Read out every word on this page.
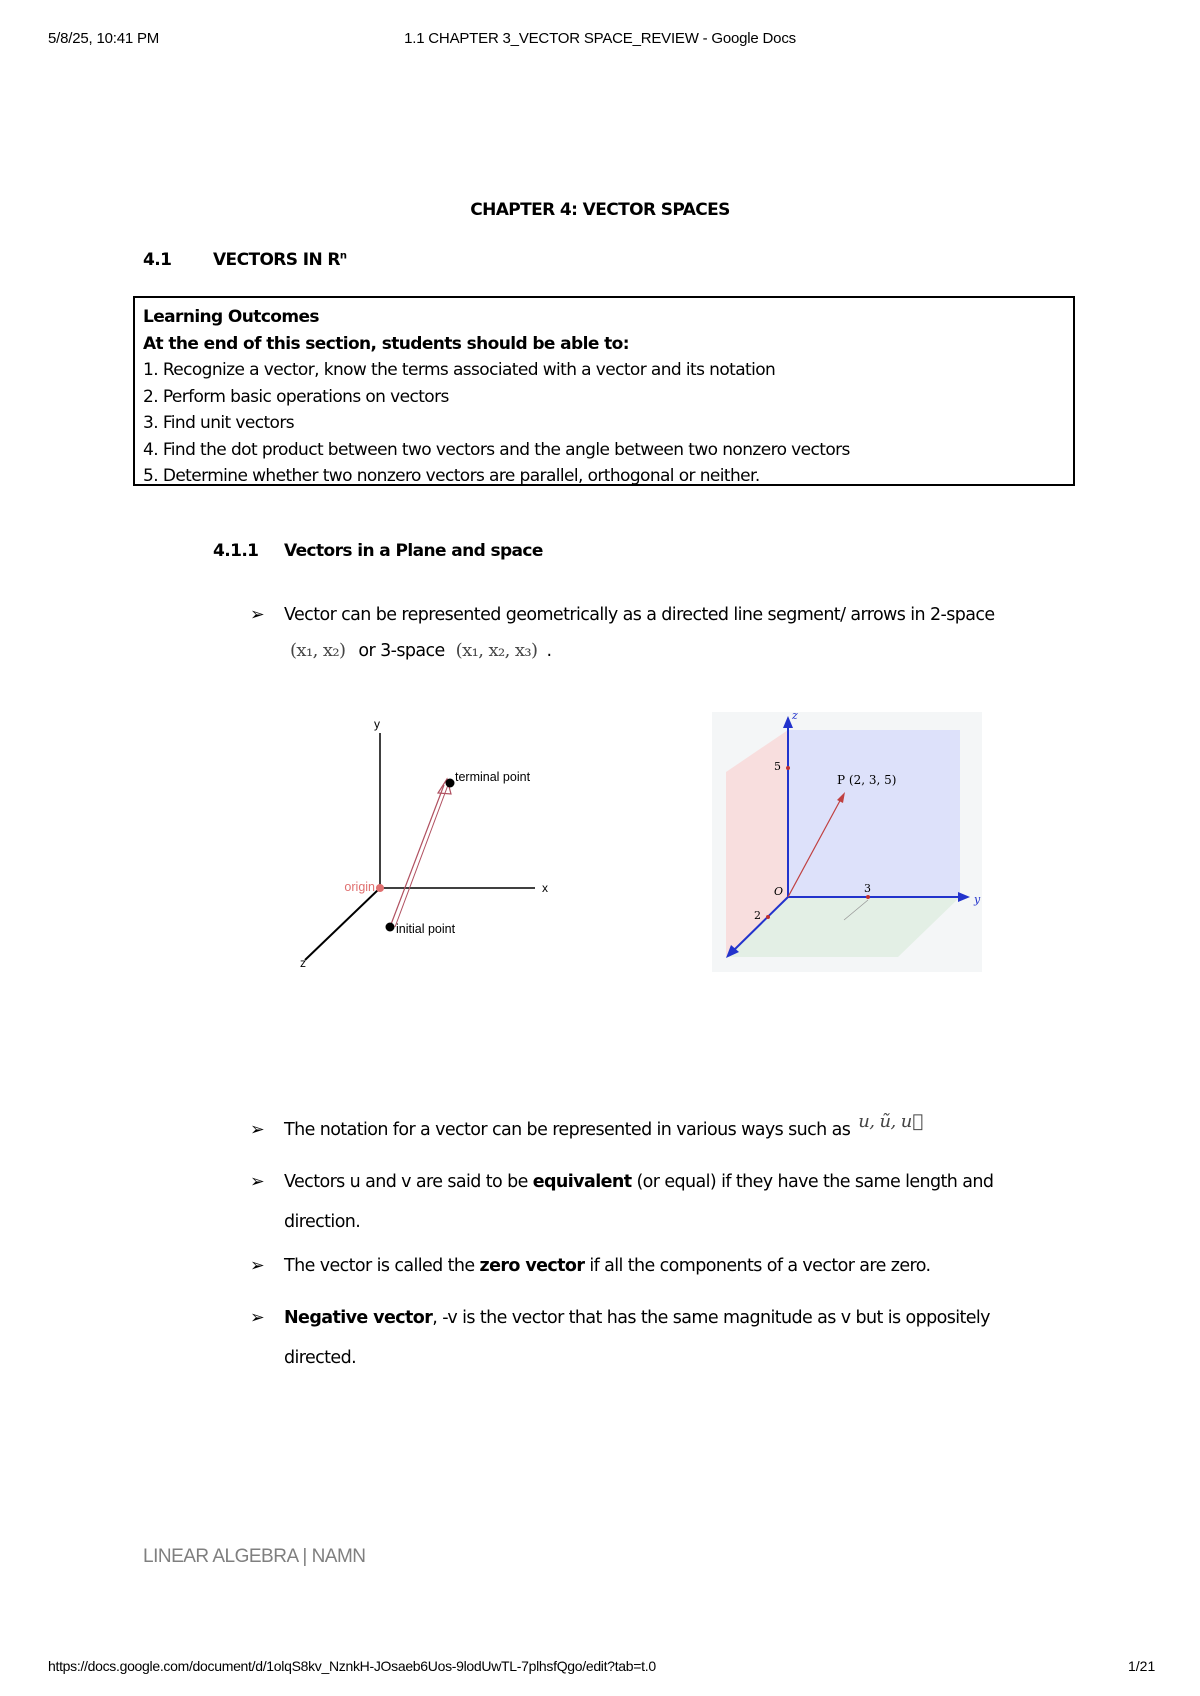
5/8/25, 10:41 PM	1.1 CHAPTER 3_VECTOR SPACE_REVIEW - Google Docs
CHAPTER 4: VECTOR SPACES
4.1 VECTORS IN $R^n$
Learning Outcomes
At the end of this section, students should be able to:
1. Recognize a vector, know the terms associated with a vector and its notation
2. Perform basic operations on vectors
3. Find unit vectors
4. Find the dot product between two vectors and the angle between two nonzero vectors
5. Determine whether two nonzero vectors are parallel, orthogonal or neither.
4.1.1 Vectors in a Plane and space
➢ Vector can be represented geometrically as a directed line segment/ arrows in 2-space
(x₁, x₂) or 3-space (x₁, x₂, x₃) .
y
x
z
origin
terminal point
initial point
z
y
5
3
2
O
P (2, 3, 5)
➢ The notation for a vector can be represented in various ways such as u, ũ, u⃗
➢ Vectors u and v are said to be equivalent (or equal) if they have the same length and
direction.
➢ The vector is called the zero vector if all the components of a vector are zero.
➢ Negative vector, -v is the vector that has the same magnitude as v but is oppositely
directed.
LINEAR ALGEBRA | NAMN
https://docs.google.com/document/d/1olqS8kv_NznkH-JOsaeb6Uos-9lodUwTL-7plhsfQgo/edit?tab=t.0	1/21
